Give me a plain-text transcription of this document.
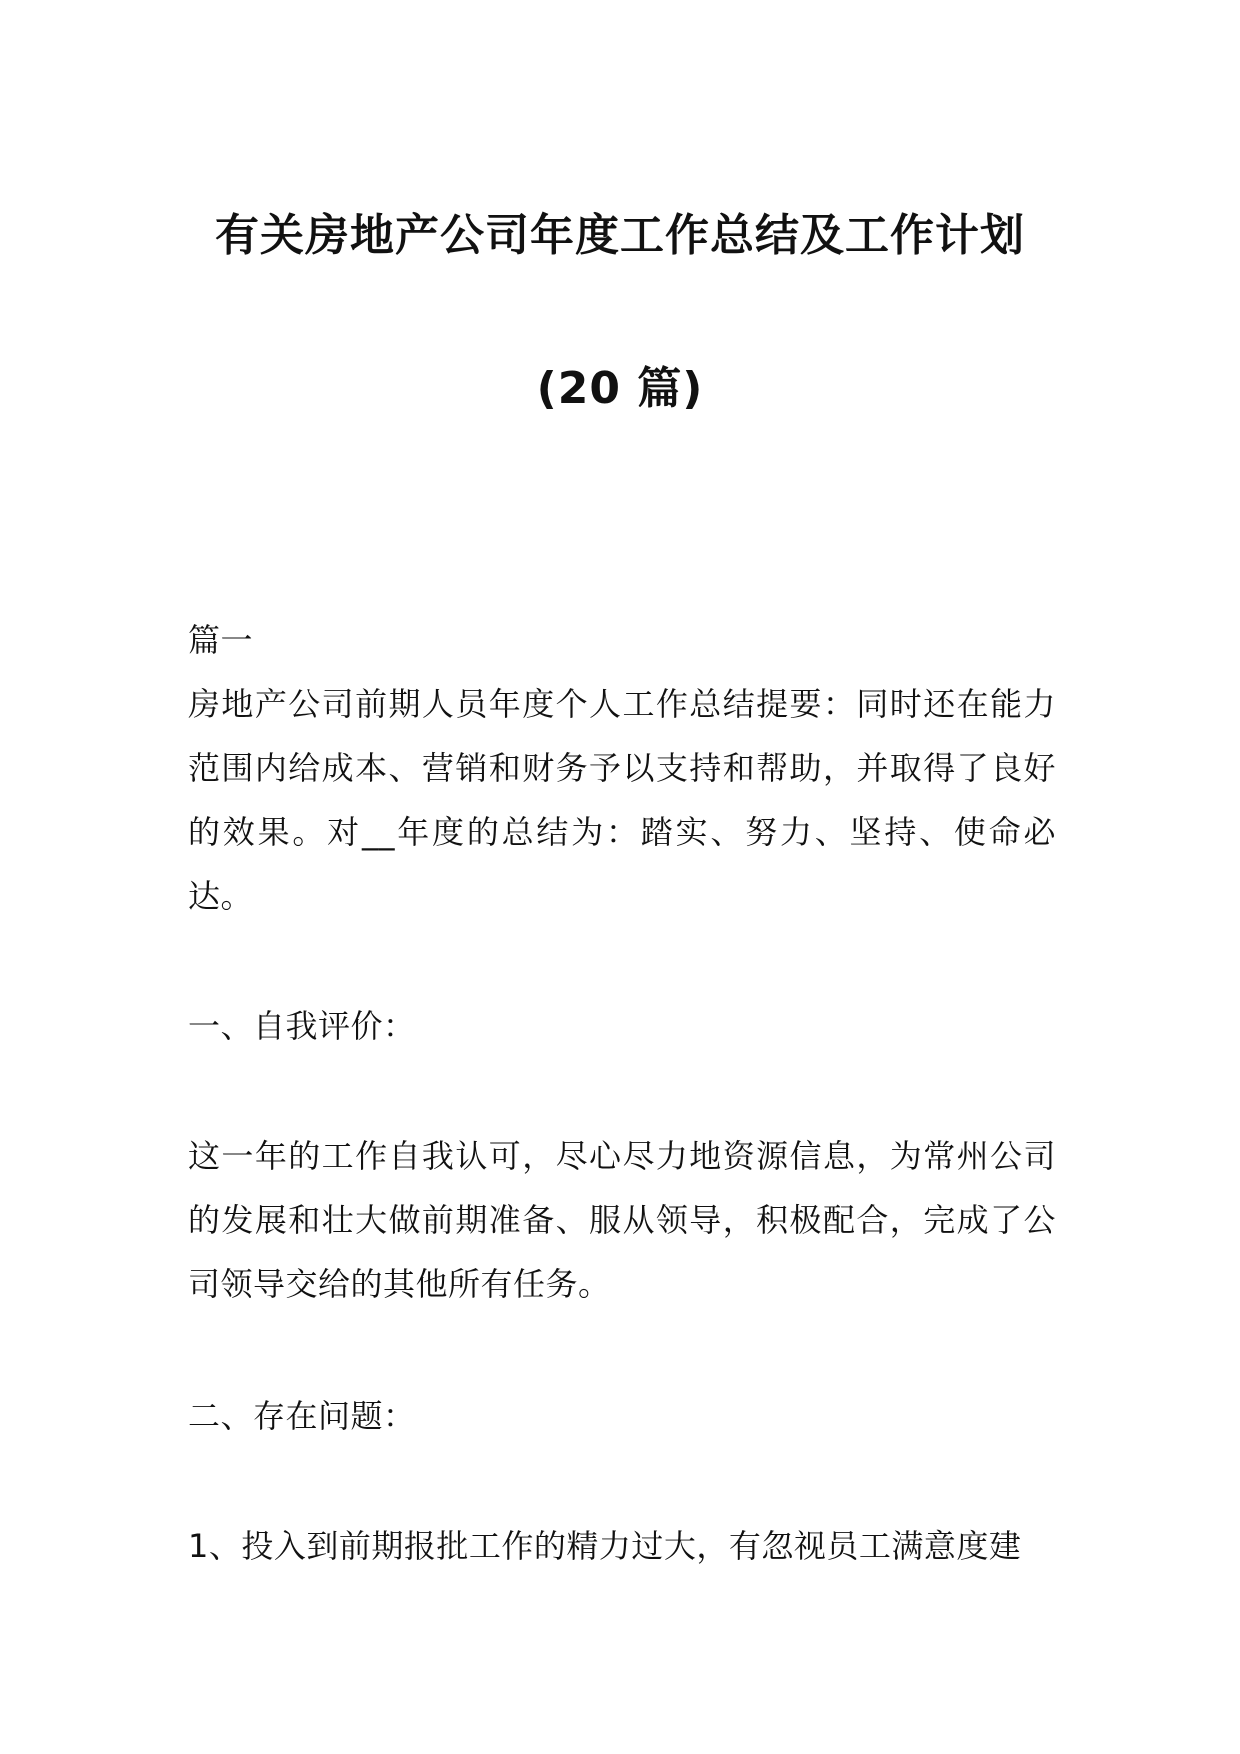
有关房地产公司年度工作总结及工作计划
(20 篇)

篇一

房地产公司前期人员年度个人工作总结提要：同时还在能力范围内给成本、营销和财务予以支持和帮助，并取得了良好的效果。对__年度的总结为：踏实、努力、坚持、使命必达。

一、自我评价：

这一年的工作自我认可，尽心尽力地资源信息，为常州公司的发展和壮大做前期准备、服从领导，积极配合，完成了公司领导交给的其他所有任务。

二、存在问题：

1、投入到前期报批工作的精力过大，有忽视员工满意度建
